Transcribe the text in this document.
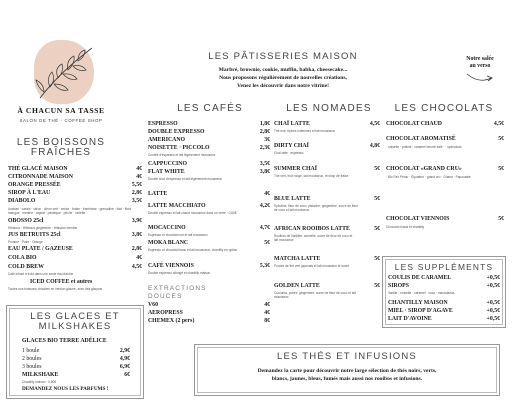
À CHACUN SA TASSE
SALON DE THÉ · COFFEE SHOP
LES PÂTISSERIES MAISON
Marbré, brownie, cookie, muffin, babka, cheesecake...
Nous proposons régulièrement de nouvelles créations,
Venez les découvrir dans notre vitrine!
Notre salée
au verso
LES BOISSONS
FRAÎCHES
THÉ GLACÉ MAISON	4€
CITRONNADE MAISON	4€
ORANGE PRESSÉE	5,5€
SIROP À L'EAU	2,8€
DIABOLO	3,5€
Ananas · cassis · citron · citron vert · cerise · fraise · framboise · grenadine · kiwi · litchi · mangue · menthe · orgeat · pastèque · pêche · violette
OBOSSO 25cl	3,9€
Hibiscus · Hibiscus gingembre · Hibiscus menthe
JUS BETRUITS 25cl	3,8€
Pomme · Poire · Orange
EAU PLATE / GAZEUSE	2,8€
COLA BIO	4€
COLD BREW	4,5€
Café infusé à froid dans une seule eau fraîche
ICED COFFEE et autres
Toutes nos boissons chaudes en version glacée, avec des glaçons
LES GLACES ET
MILKSHAKES
GLACES BIO TERRE ADÉLICE
1 boule	2,9€
2 boules	4,9€
3 boules	6,9€
MILKSHAKE	6€
Chantilly maison · 0,80€
DEMANDEZ NOUS LES PARFUMS !
LES CAFÉS
ESPRESSO	1,8€
DOUBLE EXPRESSO	2,8€
AMERICANO	3€
NOISETTE · PICCOLO	2,3€
Cordée d'espresso et lait légèrement mousseux
CAPPUCCINO	3,5€
FLAT WHITE	3,8€
Double shot d'espresso et lait légèrement mousseux
LATTE	4€
LATTE MACCHIATO	4,2€
Double espresso et lait chaud mousseux dans un verre · 0,60€
MOCACCINO	4,7€
Espresso et chocolat noir et lait mousseux
MOKA BLANC	5€
Espresso et chocolat blanc et lait mousseux, chantilly en option
CAFÉ VIENNOIS	5,3€
Double espresso allongé et chantilly maison
EXTRACTIONS
DOUCES
V60	4€
AEROPRESS	4€
CHEMEX (2 pers)	8€
LES NOMADES
CHAÏ LATTE	4,5€
Thé noir, épices indiennes et lait mousseux
DIRTY CHAÏ	4,8€
Chaï latte · espresso
SUMMER CHAÏ	5€
Thé vert, fruit rouge, lait mousseux, et sirop de fraise
BLUE LATTE	5€
Spiruline, fleur de coco, pistache, gingembre, sucre de fleur de coco et lait mousseux
AFRICAN ROOIBOS LATTE	5€
Rooibos de Vanillier, cannelle, sucre de fleur de coco et lait mousseux
MATCHA LATTE	5€
Poudre de thé vert japonais et lait mousseux et sucre
GOLDEN LATTE	5€
Curcuma, poivre, gingembre, sucre de fleur de coco et lait mousseux
LES CHOCOLATS
CHOCOLAT CHAUD	4,5€
CHOCOLAT AROMATISÉ	5€
· noisette · praliné · caramel beurre salé · · spéculoos
CHOCOLAT «GRAND CRU»	5€
· Bio Fair Pérou · Équateur · grand cru · Ghana · Papouasie
CHOCOLAT VIENNOIS	5€
Chocolat chaud et chantilly
LES SUPPLÉMENTS
COULIS DE CARAMEL	+0,5€
SIROPS	+0,5€
Vanille · noisette · caramel · coco · macadamia
CHANTILLY MAISON	+0,5€
MIEL · SIROP D'AGAVE	+0,5€
LAIT D'AVOINE	+0,5€
LES THÉS ET INFUSIONS
Demandez la carte pour découvrir notre large sélection de thés noirs, verts,
blancs, jaunes, bleus, fumés mais aussi nos rooibos et infusions.
